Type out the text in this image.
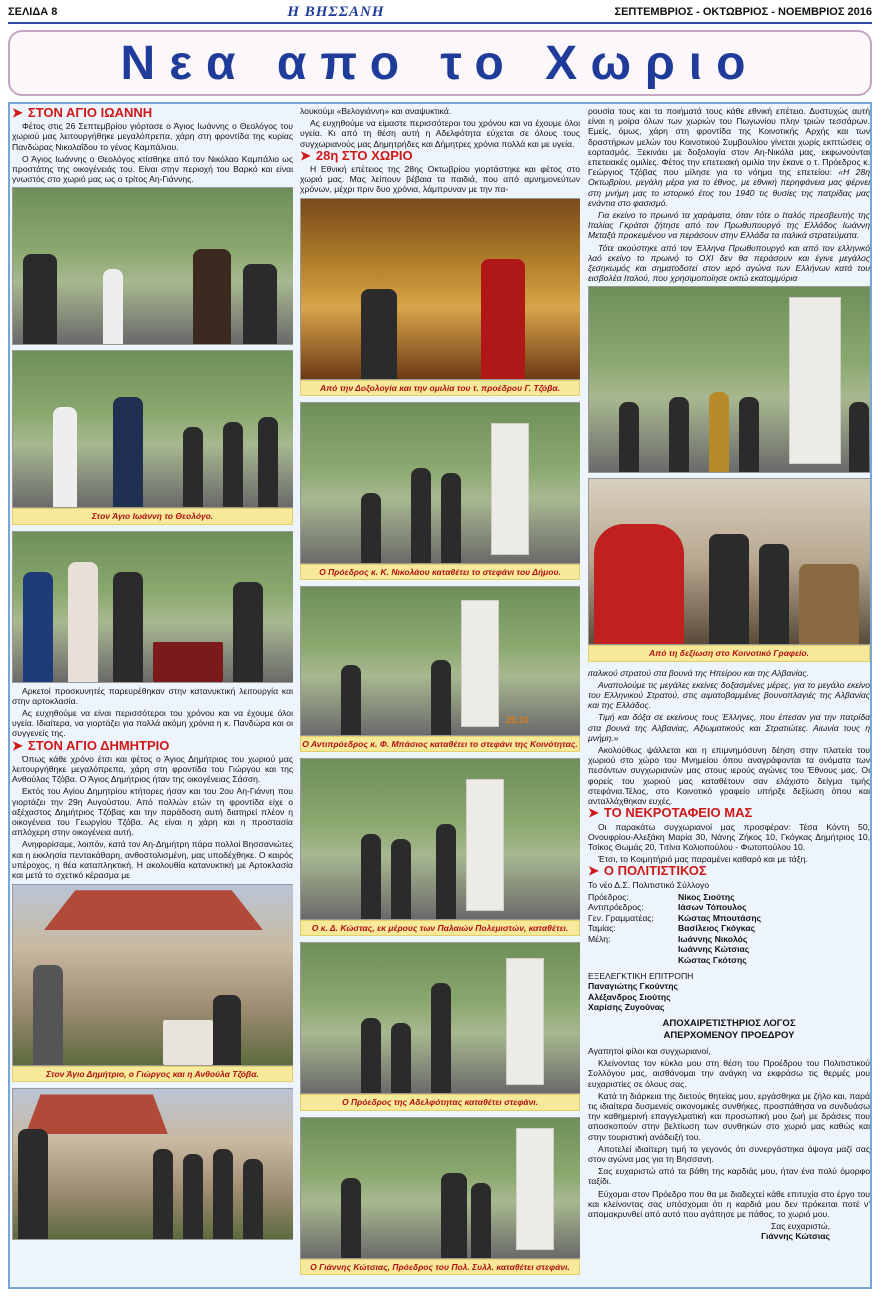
ΣΕΛΙΔΑ 8	Η ΒΗΣΣΑΝΗ	ΣΕΠΤΕΜΒΡΙΟΣ - ΟΚΤΩΒΡΙΟΣ - ΝΟΕΜΒΡΙΟΣ 2016
Νεα απο το Χωριο
➤ ΣΤΟΝ ΑΓΙΟ ΙΩΑΝΝΗ

Φέτος στις 26 Σεπτεμβρίου γιόρτασε ο Άγιος Ιωάννης ο Θεολόγος του χωριού μας λειτουργήθηκε μεγαλόπρεπα, χάρη στη φροντίδα της κυρίας Πανδώρας Νικολαΐδου το γένος Καμπάλιου.

Ο Άγιος Ιωάννης ο Θεολόγος κτίσθηκε από τον Νικόλαο Καμπάλιο ως προστάτης της οικογένειάς του. Είναι στην περιοχή του Βαρκό και είναι γνωστός στο χωριό μας ως ο τρίτος Αη-Γιάννης.

Στον Άγιο Ιωάννη το Θεολόγο.

Αρκετοί προσκυνητές παρευρέθηκαν στην κατανυκτική λειτουργία και στην αρτοκλασία.

Ας ευχηθούμε να είναι περισσότεροι του χρόνου και να έχουμε όλοι υγεία. Ιδιαίτερα, να γιορτάζει για πολλά ακόμη χρόνια η κ. Πανδώρα και οι συγγενείς της.

➤ ΣΤΟΝ ΑΓΙΟ ΔΗΜΗΤΡΙΟ

Όπως κάθε χρόνο έτσι και φέτος ο Άγιος Δημήτριος του χωριού μας λειτουργήθηκε μεγαλόπρεπα, χάρη στη φροντίδα του Γιώργου και της Ανθούλας Τζόβα. Ο Άγιος Δημήτριος ήταν της οικογένειας Σάσση.

Εκτός του Αγίου Δημητρίου κτήτορες ήσαν και του 2ου Αη-Γιάννη που γιορτάζει την 29η Αυγούστου. Από πολλών ετών τη φροντίδα είχε ο αξέχαστος Δημήτριος Τζόβας και την παράδοση αυτή διατηρεί πλέον η οικογένεια του Γεωργίου Τζόβα. Ας είναι η χάρη και η προστασία απλόχερη στην οικογένεια αυτή.

Ανηφορίσαμε, λοιπόν, κατά τον Αη-Δημήτρη πάρα πολλοί Βησσανιώτες και η εκκλησία πεντακάθαρη, ανθοστολισμένη, μας υποδέχθηκε. Ο καιρός υπέροχος, η θέα καταπληκτική. Η ακολουθία κατανυκτική με Αρτοκλασία και μετά το σχετικό κέρασμα με

Στον Άγιο Δημήτριο, ο Γιώργος και η Ανθούλα Τζόβα.

λουκούμι «Βελογιάννη» και αναψυκτικά.

Ας ευχηθούμε να είμαστε περισσότεροι του χρόνου και να έχουμε όλοι υγεία. Κι από τη θέση αυτή η Αδελφότητα εύχεται σε όλους τους συγχωριανούς μας Δημητρήδες και Δήμητρες χρόνια πολλά και με υγεία.

➤ 28η ΣΤΟ ΧΩΡΙΟ

Η Εθνική επέτειος της 28ης Οκτωβρίου γιορτάστηκε και φέτος στο χωριό μας. Μας λείπουν βέβαια τα παιδιά, που από αμνημονεύτων χρόνων, μέχρι πριν δυο χρόνια, λάμπρυναν με την πα-

Από την Δοξολογία και την ομιλία του τ. προέδρου Γ. Τζόβα.
Ο Πρόεδρος κ. Κ. Νικολάου καταθέτει το στεφάνι του Δήμου.
20.10
Ο Αντιπρόεδρος κ. Φ. Μπάσιος καταθέτει το στεφάνι της Κοινότητας.
Ο κ. Δ. Κώστας, εκ μέρους των Παλαιών Πολεμιστών, καταθέτει.
Ο Πρόεδρος της Αδελφότητας καταθέτει στεφάνι.
Ο Γιάννης Κώτσιας, Πρόεδρος του Πολ. Συλλ. καταθέτει στεφάνι.

ρουσία τους και τα ποιήματά τους κάθε εθνική επέτειο. Δυστυχώς αυτή είναι η μοίρα όλων των χωριών του Πωγωνίου πλην τριών τεσσάρων. Εμείς, όμως, χάρη στη φροντίδα της Κοινοτικής Αρχής και των δραστήριων μελών του Κοινοτικού Συμβουλίου γίνεται χωρίς εκπτώσεις ο εορτασμός. Ξεκινάει με δοξολογία στον Αη-Νικόλα μας, εκφωνούνται επετειακές ομιλίες. Φέτος την επετειακή ομιλία την έκανε ο τ. Πρόεδρος κ. Γεώργιος Τζόβας που μίλησε για το νόημα της επετείου: «Η 28η Οκτωβρίου, μεγάλη μέρα για το έθνος, με εθνική περηφάνεια μας φέρνει στη μνήμη μας το ιστορικό έτος του 1940 τις θυσίες της πατρίδας μας ενάντια στο φασισμό.

Για εκείνο το πρωινό τα χαράματα, όταν τότε ο Ιταλός πρεσβευτής της Ιταλίας Γκράτσι ζήτησε από τον Πρωθυπουργό της Ελλάδος Ιωάννη Μεταξά προκειμένου να περάσουν στην Ελλάδα τα ιταλικά στρατεύματα.

Τότε ακούστηκε από τον Έλληνα Πρωθυπουργό και από τον ελληνικό λαό εκείνο το πρωινό το ΟΧΙ δεν θα περάσουν και έγινε μεγάλος ξεσηκωμός και σηματοδοτεί στον ιερό αγώνα των Ελλήνων κατά του εισβολέα Ιταλού, που χρησιμοποίησε οκτώ εκατομμύρια

Από τη δεξίωση στο Κοινοτικό Γραφείο.

ιταλικού στρατού στα βουνά της Ηπείρου και της Αλβανίας.

Αναπολούμε τις μεγάλες εκείνες δοξασμένες μέρες, για το μεγάλο εκείνο του Ελληνικού Στρατού, στις αιματοβαμμένες βουνοπλαγιές της Αλβανίας και της Ελλάδος.

Τιμή και δόξα σε εκείνους τους Έλληνες, που έπεσαν για την πατρίδα στα βουνά της Αλβανίας, Αξιωματικούς και Στρατιώτες. Αιωνία τους η μνήμη.»

Ακολούθως ψάλλεται και η επιμνημόσυνη δέηση στην πλατεία του χωριού στο χώρο του Μνημείου όπου αναγράφονται τα ονόματα των πεσόντων συγχωριανών μας στους ιερούς αγώνες του Έθνους μας. Οι φορείς του χωριού μας καταθέτουν σαν ελάχιστο δείγμα τιμής στεφάνια.Τέλος, στο Κοινοτικό γραφείο υπήρξε δεξίωση όπου και ανταλλάχθηκαν ευχές.

➤ ΤΟ ΝΕΚΡΟΤΑΦΕΙΟ ΜΑΣ

Οι παρακάτω συγχωριανοί μας προσφέραν: Τέσα Κόντη 50, Ονουφρίου-Αλεξάκη Μαρία 30, Νάνης Ζήκος 10, Γκόγκας Δημήτριος 10, Τσίκος Θωμάς 20, Τιτίνα Κολιοπούλου - Φωτοπούλου 10.

Έτσι, το Κοιμητήριό μας παραμένει καθαρό και με τάξη.

➤ Ο ΠΟΛΙΤΙΣΤΙΚΟΣ

Το νέο Δ.Σ. Πολιτιστικό Σύλλογο

Πρόεδρος:	Νίκος Σιούτης
Αντιπρόεδρος:	Ιάσων Τόπουλος
Γεν. Γραμματέας:	Κώστας Μπουτάσης
Ταμίας:	Βασίλειος Γκόγκας
Μέλη:	Ιωάννης Νικολός
Ιωάννης Κώτσιας
Κώστας Γκότσης
ΕΞΕΛΕΓΚΤΙΚΗ ΕΠΙΤΡΟΠΗ
Παναγιώτης Γκούντης
Αλέξανδρος Σιούτης
Χαρίσης Ζυγούνας
ΑΠΟΧΑΙΡΕΤΙΣΤΗΡΙΟΣ ΛΟΓΟΣ
ΑΠΕΡΧΟΜΕΝΟΥ ΠΡΟΕΔΡΟΥ

Αγαπητοί φίλοι και συγχωριανοί,

Κλείνοντας τον κύκλο μου στη θέση του Προέδρου του Πολιτιστικού Συλλόγου μας, αισθάνομαι την ανάγκη να εκφράσω τις θερμές μου ευχαριστίες σε όλους σας.

Κατά τη διάρκεια της διετούς θητείας μου, εργάσθηκα με ζήλο και, παρά τις ιδιαίτερα δυσμενείς οικονομικές συνθήκες, προσπάθησα να συνδυάσω την καθημερινή επαγγελματική και προσωπική μου ζωή με δράσεις που αποσκοπούν στην βελτίωση των συνθηκών στο χωριό μας καθώς και στην τουριστική ανάδειξή του.

Αποτελεί ιδιαίτερη τιμή το γεγονός ότι συνεργάστηκα άψογα μαζί σας στον αγώνα μας για τη Βησσανη.

Σας ευχαριστώ από τα βάθη της καρδιάς μου, ήταν ένα πολύ όμορφο ταξίδι.

Εύχομαι στον Πρόεδρο που θα με διαδεχτεί κάθε επιτυχία στο έργο του και κλείνοντας σας υπόσχομαι ότι η καρδιά μου δεν πρόκειται ποτέ ν' απομακρυνθεί από αυτό που αγάπησε με πάθος, το χωριό μου.

Σας ευχαριστώ,
Γιάννης Κώτσιας
